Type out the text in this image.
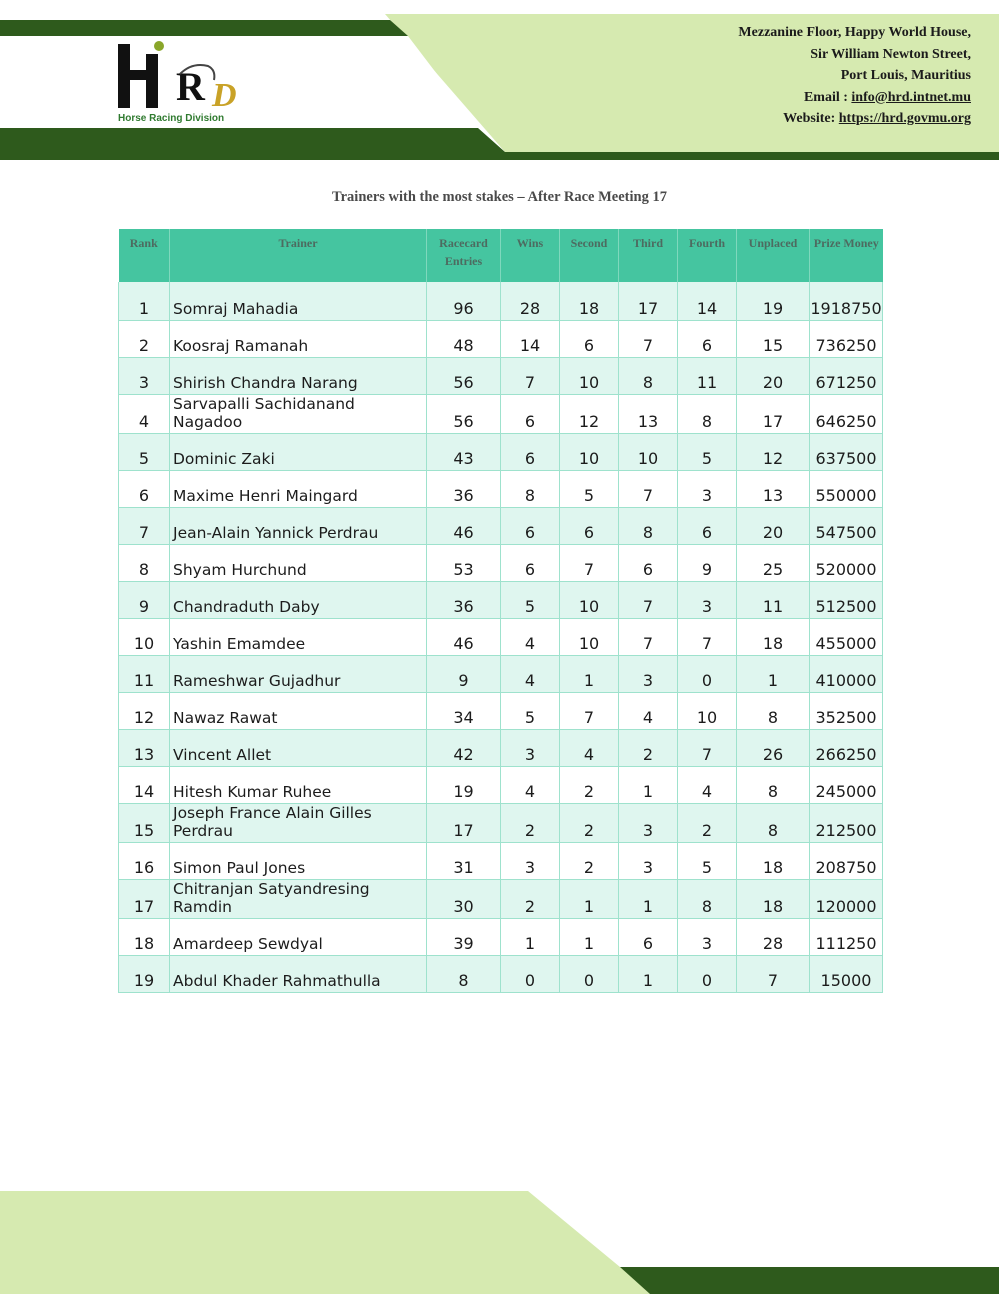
R D
Horse Racing Division
Mezzanine Floor, Happy World House,
Sir William Newton Street,
Port Louis, Mauritius
Email : info@hrd.intnet.mu
Website: https://hrd.govmu.org
Trainers with the most stakes – After Race Meeting 17
Rank	Trainer	Racecard Entries	Wins	Second	Third	Fourth	Unplaced	Prize Money
1	Somraj Mahadia	96	28	18	17	14	19	1918750
2	Koosraj Ramanah	48	14	6	7	6	15	736250
3	Shirish Chandra Narang	56	7	10	8	11	20	671250
4	Sarvapalli Sachidanand Nagadoo	56	6	12	13	8	17	646250
5	Dominic Zaki	43	6	10	10	5	12	637500
6	Maxime Henri Maingard	36	8	5	7	3	13	550000
7	Jean-Alain Yannick Perdrau	46	6	6	8	6	20	547500
8	Shyam Hurchund	53	6	7	6	9	25	520000
9	Chandraduth Daby	36	5	10	7	3	11	512500
10	Yashin Emamdee	46	4	10	7	7	18	455000
11	Rameshwar Gujadhur	9	4	1	3	0	1	410000
12	Nawaz Rawat	34	5	7	4	10	8	352500
13	Vincent Allet	42	3	4	2	7	26	266250
14	Hitesh Kumar Ruhee	19	4	2	1	4	8	245000
15	Joseph France Alain Gilles Perdrau	17	2	2	3	2	8	212500
16	Simon Paul Jones	31	3	2	3	5	18	208750
17	Chitranjan Satyandresing Ramdin	30	2	1	1	8	18	120000
18	Amardeep Sewdyal	39	1	1	6	3	28	111250
19	Abdul Khader Rahmathulla	8	0	0	1	0	7	15000
